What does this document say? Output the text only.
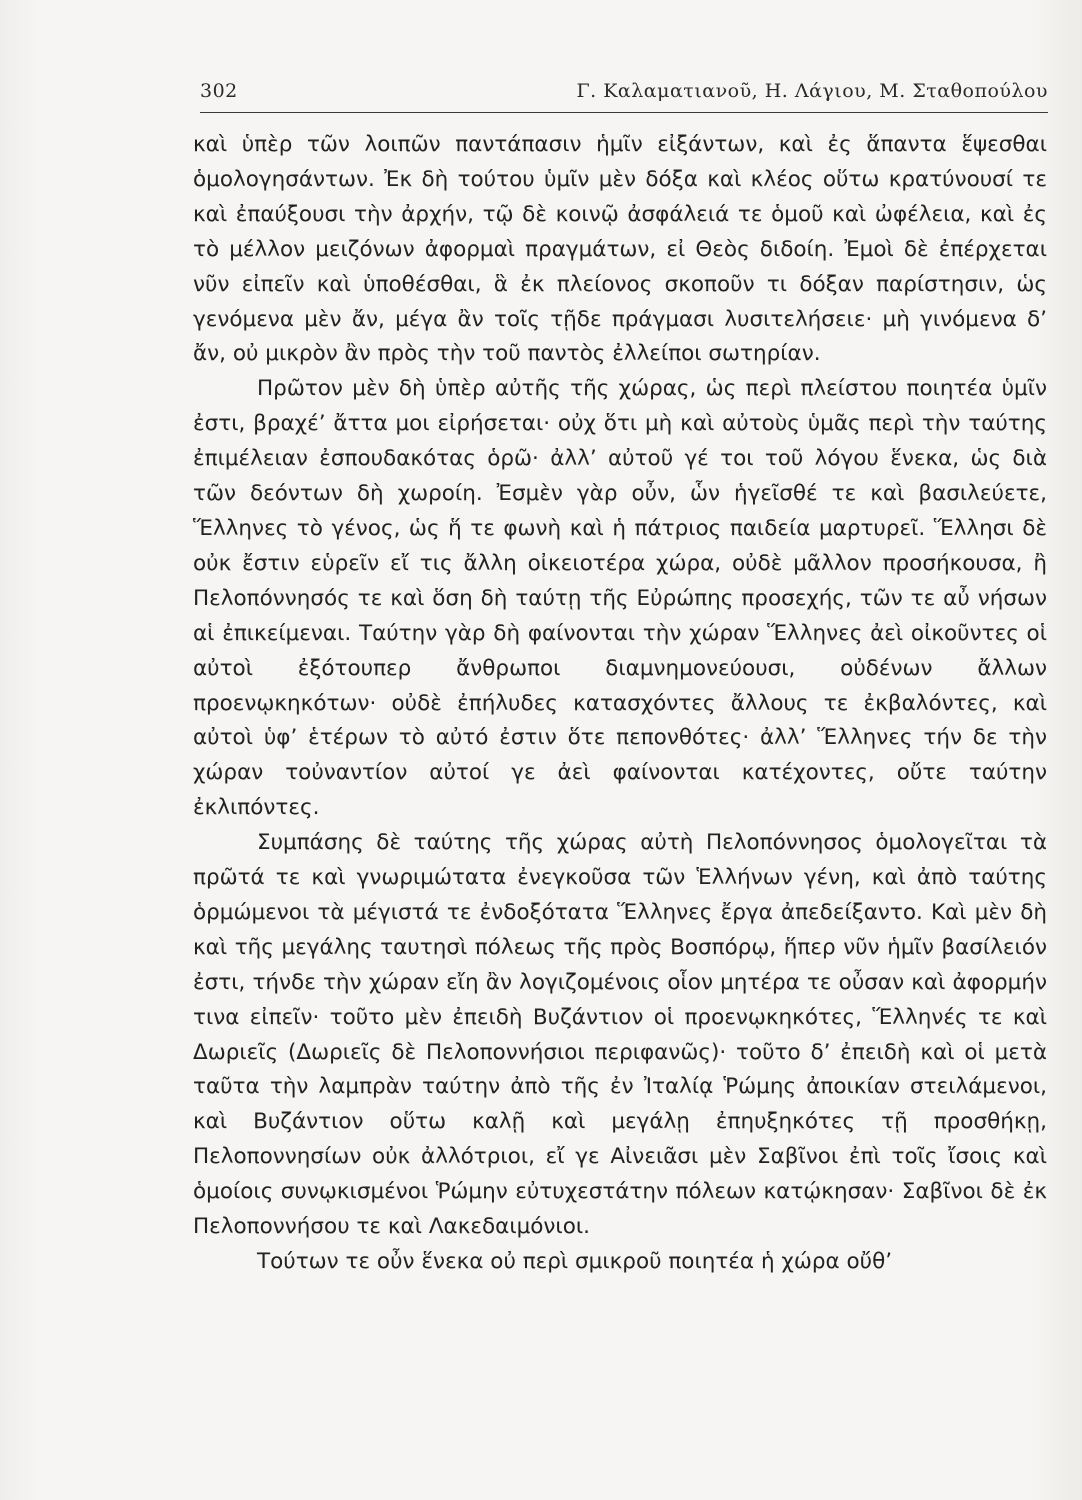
302	Γ. Καλαματιανοῦ, Η. Λάγιου, Μ. Σταθοπούλου

καὶ ὑπὲρ τῶν λοιπῶν παντάπασιν ἡμῖν εἰξάντων, καὶ ἐς ἅπαντα ἕψεσθαι ὁμολογησάντων. Ἐκ δὴ τούτου ὑμῖν μὲν δόξα καὶ κλέος οὕτω κρατύνουσί τε καὶ ἐπαύξουσι τὴν ἀρχήν, τῷ δὲ κοινῷ ἀσφάλειά τε ὁμοῦ καὶ ὠφέλεια, καὶ ἐς τὸ μέλλον μειζόνων ἀφορμαὶ πραγμάτων, εἰ Θεὸς διδοίη. Ἐμοὶ δὲ ἐπέρχεται νῦν εἰπεῖν καὶ ὑποθέσθαι, ἃ ἐκ πλείονος σκοποῦν τι δόξαν παρίστησιν, ὡς γενόμενα μὲν ἄν, μέγα ἂν τοῖς τῇδε πράγμασι λυσιτελήσειε· μὴ γινόμενα δ’ ἄν, οὐ μικρὸν ἂν πρὸς τὴν τοῦ παντὸς ἐλλείποι σωτηρίαν.

Πρῶτον μὲν δὴ ὑπὲρ αὐτῆς τῆς χώρας, ὡς περὶ πλείστου ποιητέα ὑμῖν ἐστι, βραχέ’ ἄττα μοι εἰρήσεται· οὐχ ὅτι μὴ καὶ αὐτοὺς ὑμᾶς περὶ τὴν ταύτης ἐπιμέλειαν ἐσπουδακότας ὁρῶ· ἀλλ’ αὐτοῦ γέ τοι τοῦ λόγου ἕνεκα, ὡς διὰ τῶν δεόντων δὴ χωροίη. Ἐσμὲν γὰρ οὖν, ὧν ἡγεῖσθέ τε καὶ βασιλεύετε, Ἕλληνες τὸ γένος, ὡς ἥ τε φωνὴ καὶ ἡ πάτριος παιδεία μαρτυρεῖ. Ἕλλησι δὲ οὐκ ἔστιν εὑρεῖν εἴ τις ἄλλη οἰκειοτέρα χώρα, οὐδὲ μᾶλλον προσήκουσα, ἢ Πελοπόννησός τε καὶ ὅση δὴ ταύτῃ τῆς Εὐρώπης προσεχής, τῶν τε αὖ νήσων αἱ ἐπικείμεναι. Ταύτην γὰρ δὴ φαίνονται τὴν χώραν Ἕλληνες ἀεὶ οἰκοῦντες οἱ αὐτοὶ ἐξότουπερ ἄνθρωποι διαμνημονεύουσι, οὐδένων ἄλλων προενῳκηκότων· οὐδὲ ἐπήλυδες κατασχόντες ἄλλους τε ἐκβαλόντες, καὶ αὐτοὶ ὑφ’ ἑτέρων τὸ αὐτό ἐστιν ὅτε πεπονθότες· ἀλλ’ Ἕλληνες τήν δε τὴν χώραν τοὐναντίον αὐτοί γε ἀεὶ φαίνονται κατέχοντες, οὔτε ταύτην ἐκλιπόντες.

Συμπάσης δὲ ταύτης τῆς χώρας αὐτὴ Πελοπόννησος ὁμολογεῖται τὰ πρῶτά τε καὶ γνωριμώτατα ἐνεγκοῦσα τῶν Ἑλλήνων γένη, καὶ ἀπὸ ταύτης ὁρμώμενοι τὰ μέγιστά τε ἐνδοξότατα Ἕλληνες ἔργα ἀπεδείξαντο. Καὶ μὲν δὴ καὶ τῆς μεγάλης ταυτησὶ πόλεως τῆς πρὸς Βοσπόρῳ, ἥπερ νῦν ἡμῖν βασίλειόν ἐστι, τήνδε τὴν χώραν εἴη ἂν λογιζομένοις οἷον μητέρα τε οὖσαν καὶ ἀφορμήν τινα εἰπεῖν· τοῦτο μὲν ἐπειδὴ Βυζάντιον οἱ προενῳκηκότες, Ἕλληνές τε καὶ Δωριεῖς (Δωριεῖς δὲ Πελοποννήσιοι περιφανῶς)· τοῦτο δ’ ἐπειδὴ καὶ οἱ μετὰ ταῦτα τὴν λαμπρὰν ταύτην ἀπὸ τῆς ἐν Ἰταλίᾳ Ῥώμης ἀποικίαν στειλάμενοι, καὶ Βυζάντιον οὕτω καλῇ καὶ μεγάλῃ ἐπηυξηκότες τῇ προσθήκῃ, Πελοποννησίων οὐκ ἀλλότριοι, εἴ γε Αἰνειᾶσι μὲν Σαβῖνοι ἐπὶ τοῖς ἴσοις καὶ ὁμοίοις συνῳκισμένοι Ῥώμην εὐτυχεστάτην πόλεων κατῴκησαν· Σαβῖνοι δὲ ἐκ Πελοποννήσου τε καὶ Λακεδαιμόνιοι.

Τούτων τε οὖν ἕνεκα οὐ περὶ σμικροῦ ποιητέα ἡ χώρα οὔθ’
